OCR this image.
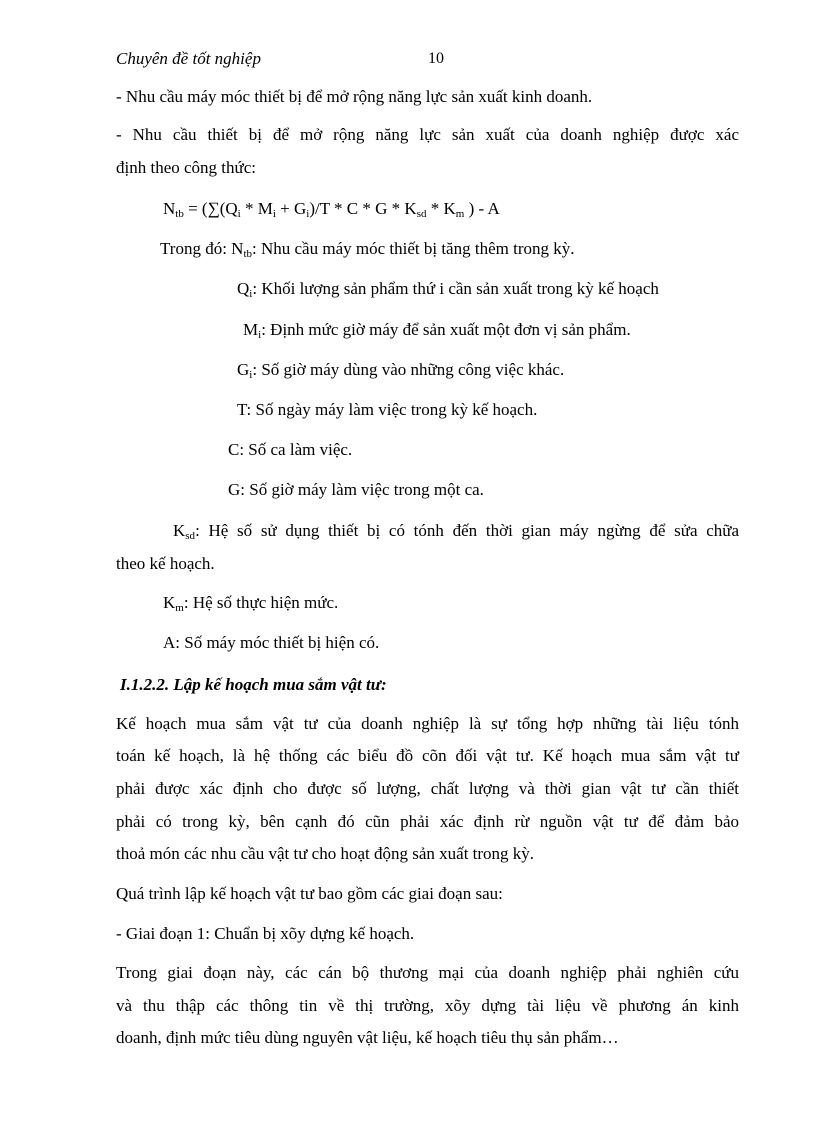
Chuyên đề tốt nghiệp	10
- Nhu cầu máy móc thiết bị để mở rộng năng lực sản xuất kinh doanh.
- Nhu cầu thiết bị để mở rộng năng lực sản xuất của doanh nghiệp được xác
định theo công thức:
$N_{tb} = (\sum(Q_i * M_i + G_i)/T * C * G * K_{sd} * K_m$ ) - A
Trong đó: $N_{tb}$: Nhu cầu máy móc thiết bị tăng thêm trong kỳ.
$Q_i$: Khối lượng sản phẩm thứ i cần sản xuất trong kỳ kế hoạch
$M_i$: Định mức giờ máy để sản xuất một đơn vị sản phẩm.
$G_i$: Số giờ máy dùng vào những công việc khác.
T: Số ngày máy làm việc trong kỳ kế hoạch.
C: Số ca làm việc.
G: Số giờ máy làm việc trong một ca.
$K_{sd}$: Hệ số sử dụng thiết bị có tónh đến thời gian máy ngừng để sửa chữa
theo kế hoạch.
$K_m$: Hệ số thực hiện mức.
A: Số máy móc thiết bị hiện có.
I.1.2.2. Lập kế hoạch mua sắm vật tư:
Kế hoạch mua sắm vật tư của doanh nghiệp là sự tổng hợp những tài liệu tónh
toán kế hoạch, là hệ thống các biểu đồ cõn đối vật tư. Kế hoạch mua sắm vật tư
phải được xác định cho được số lượng, chất lượng và thời gian vật tư cần thiết
phải có trong kỳ, bên cạnh đó cũn phải xác định rừ nguồn vật tư để đảm bảo
thoả món các nhu cầu vật tư cho hoạt động sản xuất trong kỳ.
Quá trình lập kế hoạch vật tư bao gồm các giai đoạn sau:
- Giai đoạn 1: Chuẩn bị xõy dựng kế hoạch.
Trong giai đoạn này, các cán bộ thương mại của doanh nghiệp phải nghiên cứu
và thu thập các thông tin về thị trường, xõy dựng tài liệu về phương án kinh
doanh, định mức tiêu dùng nguyên vật liệu, kế hoạch tiêu thụ sản phẩm…
